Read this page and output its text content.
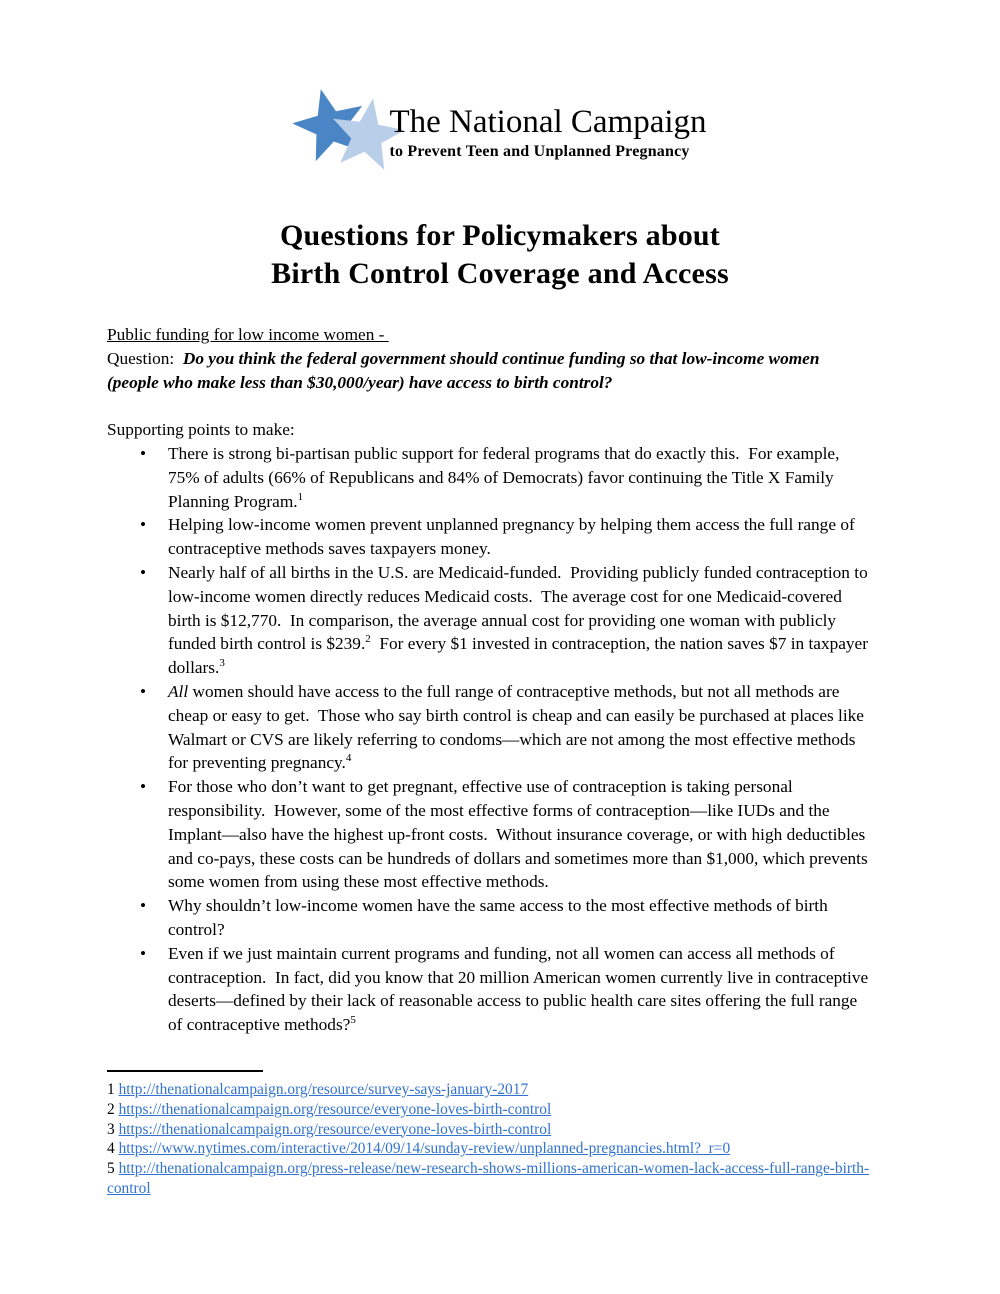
The National Campaign
to Prevent Teen and Unplanned Pregnancy
Questions for Policymakers about
Birth Control Coverage and Access

Public funding for low income women -
Question:  Do you think the federal government should continue funding so that low-income women (people who make less than $30,000/year) have access to birth control?

Supporting points to make:

• There is strong bi-partisan public support for federal programs that do exactly this.  For example, 75% of adults (66% of Republicans and 84% of Democrats) favor continuing the Title X Family Planning Program.$^1$
• Helping low-income women prevent unplanned pregnancy by helping them access the full range of contraceptive methods saves taxpayers money.
• Nearly half of all births in the U.S. are Medicaid-funded.  Providing publicly funded contraception to low-income women directly reduces Medicaid costs.  The average cost for one Medicaid-covered birth is $12,770.  In comparison, the average annual cost for providing one woman with publicly funded birth control is $239.$^2$  For every $1 invested in contraception, the nation saves $7 in taxpayer dollars.$^3$
• All women should have access to the full range of contraceptive methods, but not all methods are cheap or easy to get.  Those who say birth control is cheap and can easily be purchased at places like Walmart or CVS are likely referring to condoms—which are not among the most effective methods for preventing pregnancy.$^4$
• For those who don’t want to get pregnant, effective use of contraception is taking personal responsibility.  However, some of the most effective forms of contraception—like IUDs and the Implant—also have the highest up-front costs.  Without insurance coverage, or with high deductibles and co-pays, these costs can be hundreds of dollars and sometimes more than $1,000, which prevents some women from using these most effective methods.
• Why shouldn’t low-income women have the same access to the most effective methods of birth control?
• Even if we just maintain current programs and funding, not all women can access all methods of contraception.  In fact, did you know that 20 million American women currently live in contraceptive deserts—defined by their lack of reasonable access to public health care sites offering the full range of contraceptive methods?$^5$
1 http://thenationalcampaign.org/resource/survey-says-january-2017
2 https://thenationalcampaign.org/resource/everyone-loves-birth-control
3 https://thenationalcampaign.org/resource/everyone-loves-birth-control
4 https://www.nytimes.com/interactive/2014/09/14/sunday-review/unplanned-pregnancies.html?_r=0
5 http://thenationalcampaign.org/press-release/new-research-shows-millions-american-women-lack-access-full-range-birth-control
